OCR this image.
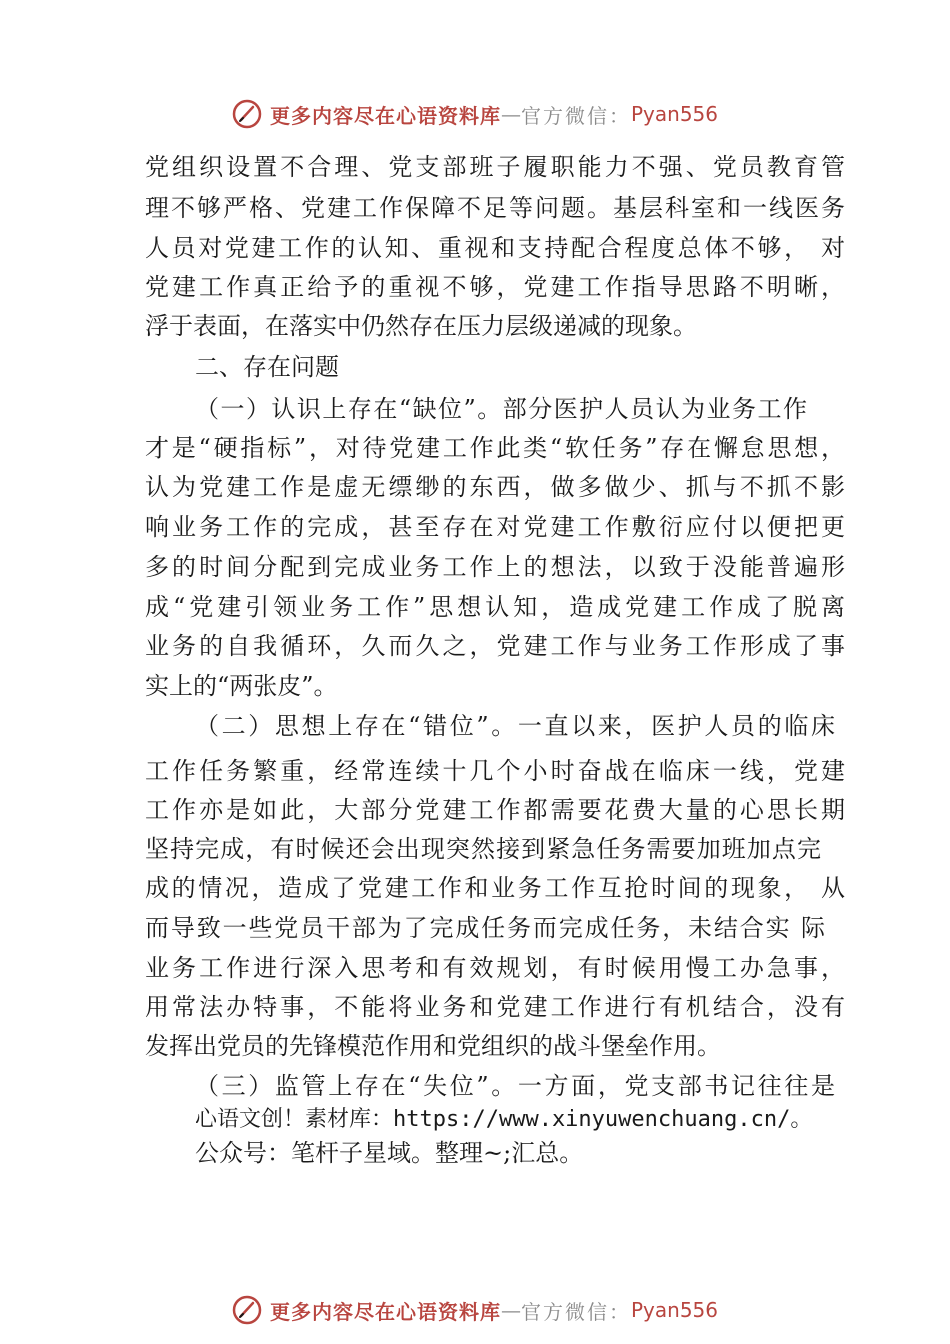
更多内容尽在心语资料库 — 官方微信： Pyan556
党组织设置不合理、党支部班子履职能力不强、党员教育管
理不够严格、党建工作保障不足等问题。基层科室和一线医务
人员对党建工作的认知、重视和支持配合程度总体不够， 对
党建工作真正给予的重视不够，党建工作指导思路不明晰，
浮于表面，在落实中仍然存在压力层级递减的现象。
二、存在问题
（一）认识上存在“缺位”。部分医护人员认为业务工作
才是“硬指标”，对待党建工作此类“软任务”存在懈怠思想，
认为党建工作是虚无缥缈的东西，做多做少、抓与不抓不影
响业务工作的完成，甚至存在对党建工作敷衍应付以便把更
多的时间分配到完成业务工作上的想法，以致于没能普遍形
成“党建引领业务工作”思想认知，造成党建工作成了脱离
业务的自我循环，久而久之，党建工作与业务工作形成了事
实上的“两张皮”。
（二）思想上存在“错位”。一直以来，医护人员的临床
工作任务繁重，经常连续十几个小时奋战在临床一线，党建
工作亦是如此，大部分党建工作都需要花费大量的心思长期
坚持完成，有时候还会出现突然接到紧急任务需要加班加点完
成的情况，造成了党建工作和业务工作互抢时间的现象， 从
而导致一些党员干部为了完成任务而完成任务，未结合实 际
业务工作进行深入思考和有效规划，有时候用慢工办急事，
用常法办特事，不能将业务和党建工作进行有机结合，没有
发挥出党员的先锋模范作用和党组织的战斗堡垒作用。
（三）监管上存在“失位”。一方面，党支部书记往往是
心语文创！素材库：https://www.xinyuwenchuang.cn/。
公众号：笔杆子星域。整理~;汇总。
更多内容尽在心语资料库 — 官方微信： Pyan556
